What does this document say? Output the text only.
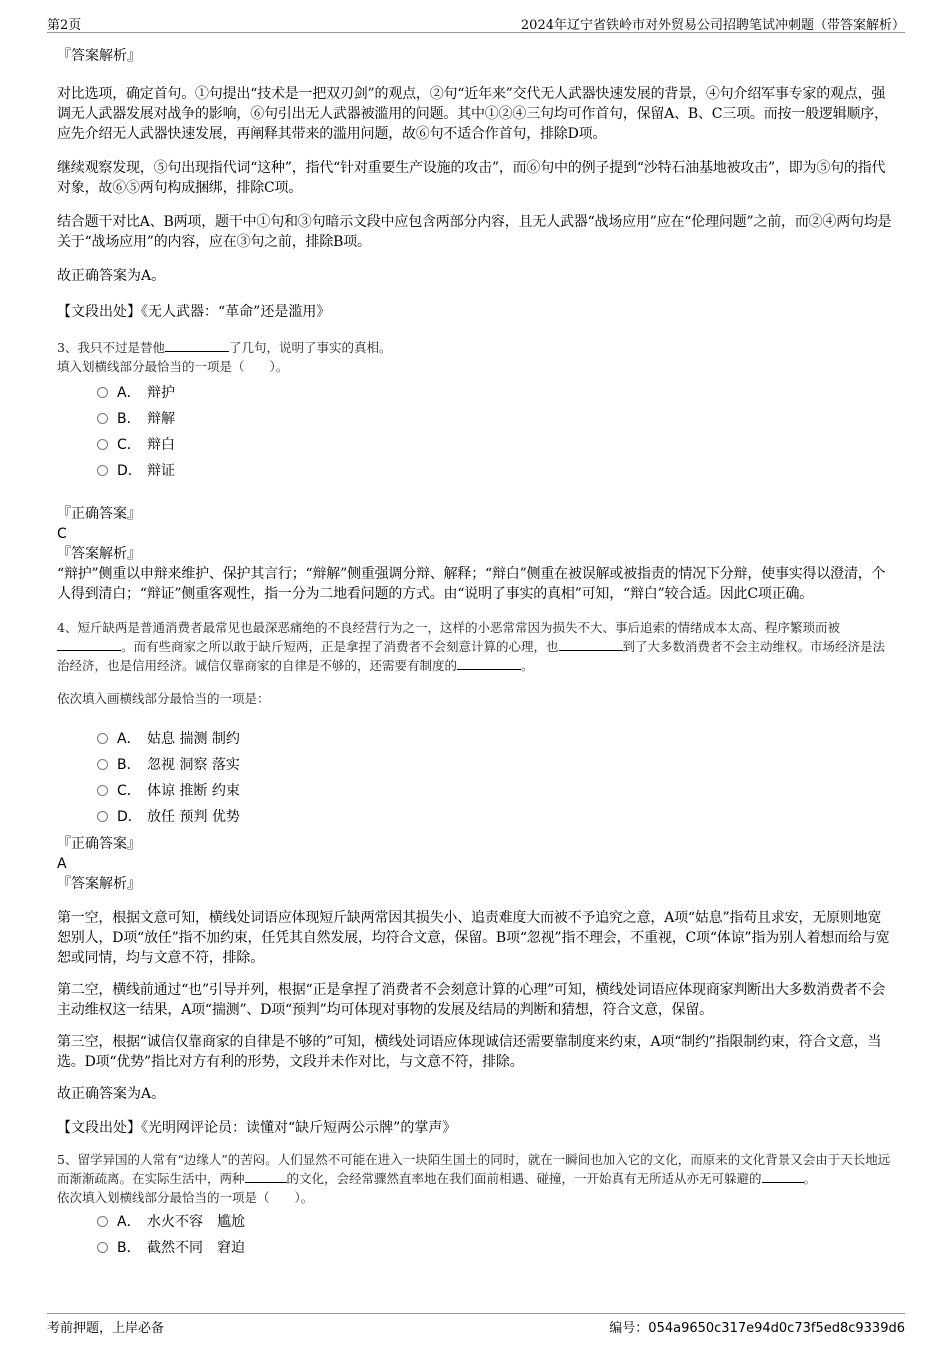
第2页	2024年辽宁省铁岭市对外贸易公司招聘笔试冲刺题（带答案解析）

『答案解析』

对比选项，确定首句。①句提出“技术是一把双刃剑”的观点，②句“近年来”交代无人武器快速发展的背景，④句介绍军事专家的观点，强调无人武器发展对战争的影响，⑥句引出无人武器被滥用的问题。其中①②④三句均可作首句，保留A、B、C三项。而按一般逻辑顺序，应先介绍无人武器快速发展，再阐释其带来的滥用问题，故⑥句不适合作首句，排除D项。

继续观察发现，⑤句出现指代词“这种”，指代“针对重要生产设施的攻击”，而⑥句中的例子提到“沙特石油基地被攻击”，即为⑤句的指代对象，故⑥⑤两句构成捆绑，排除C项。

结合题干对比A、B两项，题干中①句和③句暗示文段中应包含两部分内容，且无人武器“战场应用”应在“伦理问题”之前，而②④两句均是关于“战场应用”的内容，应在③句之前，排除B项。

故正确答案为A。

【文段出处】《无人武器：“革命”还是滥用》

3、我只不过是替他	了几句，说明了事实的真相。

填入划横线部分最恰当的一项是（　　）。

A． 辩护
B． 辩解
C． 辩白
D． 辩证

『正确答案』

C

『答案解析』

“辩护”侧重以申辩来维护、保护其言行；“辩解”侧重强调分辩、解释；“辩白”侧重在被误解或被指责的情况下分辩，使事实得以澄清，个人得到清白；“辩证”侧重客观性，指一分为二地看问题的方式。由“说明了事实的真相”可知，“辩白”较合适。因此C项正确。

4、短斤缺两是普通消费者最常见也最深恶痛绝的不良经营行为之一，这样的小恶常常因为损失不大、事后追索的情绪成本太高、程序繁琐而被。而有些商家之所以敢于缺斤短两，正是拿捏了消费者不会刻意计算的心理，也	到了大多数消费者不会主动维权。市场经济是法治经济，也是信用经济。诚信仅靠商家的自律是不够的，还需要有制度的	。

依次填入画横线部分最恰当的一项是：

A． 姑息 揣测 制约
B． 忽视 洞察 落实
C． 体谅 推断 约束
D． 放任 预判 优势

『正确答案』

A

『答案解析』

第一空，根据文意可知，横线处词语应体现短斤缺两常因其损失小、追责难度大而被不予追究之意，A项“姑息”指苟且求安，无原则地宽恕别人，D项“放任”指不加约束，任凭其自然发展，均符合文意，保留。B项“忽视”指不理会，不重视，C项“体谅”指为别人着想而给与宽恕或同情，均与文意不符，排除。

第二空，横线前通过“也”引导并列，根据“正是拿捏了消费者不会刻意计算的心理”可知，横线处词语应体现商家判断出大多数消费者不会主动维权这一结果，A项“揣测”、D项“预判”均可体现对事物的发展及结局的判断和猜想，符合文意，保留。

第三空，根据“诚信仅靠商家的自律是不够的”可知，横线处词语应体现诚信还需要靠制度来约束，A项“制约”指限制约束，符合文意，当选。D项“优势”指比对方有利的形势，文段并未作对比，与文意不符，排除。

故正确答案为A。

【文段出处】《光明网评论员：读懂对“缺斤短两公示牌”的掌声》

5、留学异国的人常有“边缘人”的苦闷。人们显然不可能在进入一块陌生国土的同时，就在一瞬间也加入它的文化，而原来的文化背景又会由于天长地远而渐渐疏离。在实际生活中，两种	的文化，会经常骤然直率地在我们面前相遇、碰撞，一开始真有无所适从亦无可躲避的	。

依次填入划横线部分最恰当的一项是（　　）。

A． 水火不容　尴尬
B． 截然不同　窘迫
考前押题，上岸必备	编号：054a9650c317e94d0c73f5ed8c9339d6
